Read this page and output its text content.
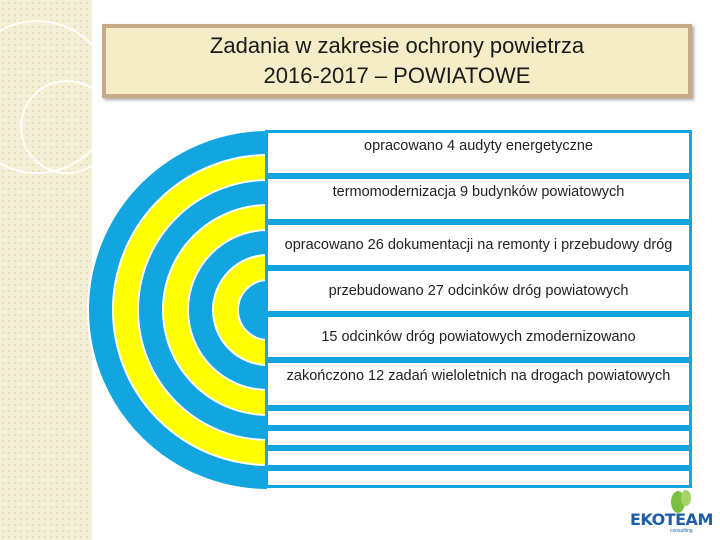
Zadania w zakresie ochrony powietrza
2016-2017 – POWIATOWE
opracowano 4 audyty energetyczne
termomodernizacja 9 budynków powiatowych
opracowano 26 dokumentacji na remonty i przebudowy dróg
przebudowano 27 odcinków dróg powiatowych
15 odcinków dróg powiatowych zmodernizowano
zakończono 12 zadań wieloletnich na drogach powiatowych
EKOTEAM
consulting
